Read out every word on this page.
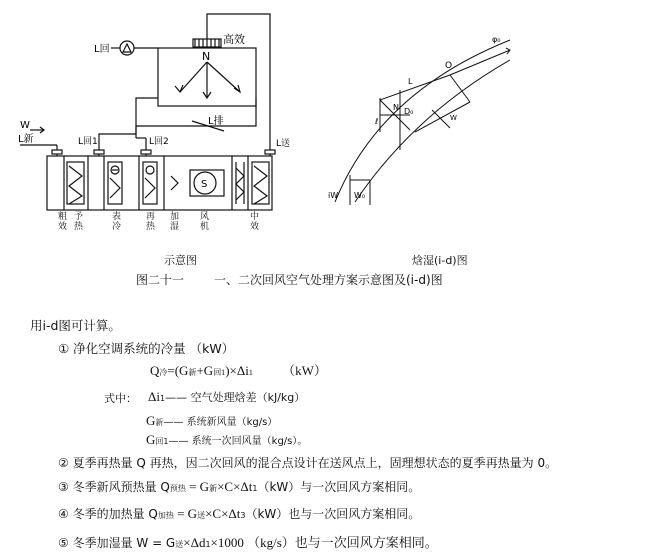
高效
N
L回
L排
W
L新	L回1	L回2	L送
S
粗效
予热
表冷
再热
加湿
风机
中效
示意图
φ₀
O
L
N D₀
ℓ
iW W₀
W
焓湿(i-d)图
图二十一 一、二次回风空气处理方案示意图及(i-d)图
用i-d图可计算。
① 净化空调系统的冷量 （kW）
Q冷=(G新+G回1)×Δi1 （kW）
式中： Δi1—— 空气处理焓差（kJ/kg）
G新—— 系统新风量（kg/s）
G回1—— 系统一次回风量（kg/s）。
② 夏季再热量 Q 再热，因二次回风的混合点设计在送风点上，固理想状态的夏季再热量为 0。
③ 冬季新风预热量 Q预热 = G新×C×Δt1（kW）与一次回风方案相同。
④ 冬季的加热量 Q加热 = G送×C×Δt3（kW）也与一次回风方案相同。
⑤ 冬季加湿量 W = G送×Δd1×1000 （kg/s）也与一次回风方案相同。
